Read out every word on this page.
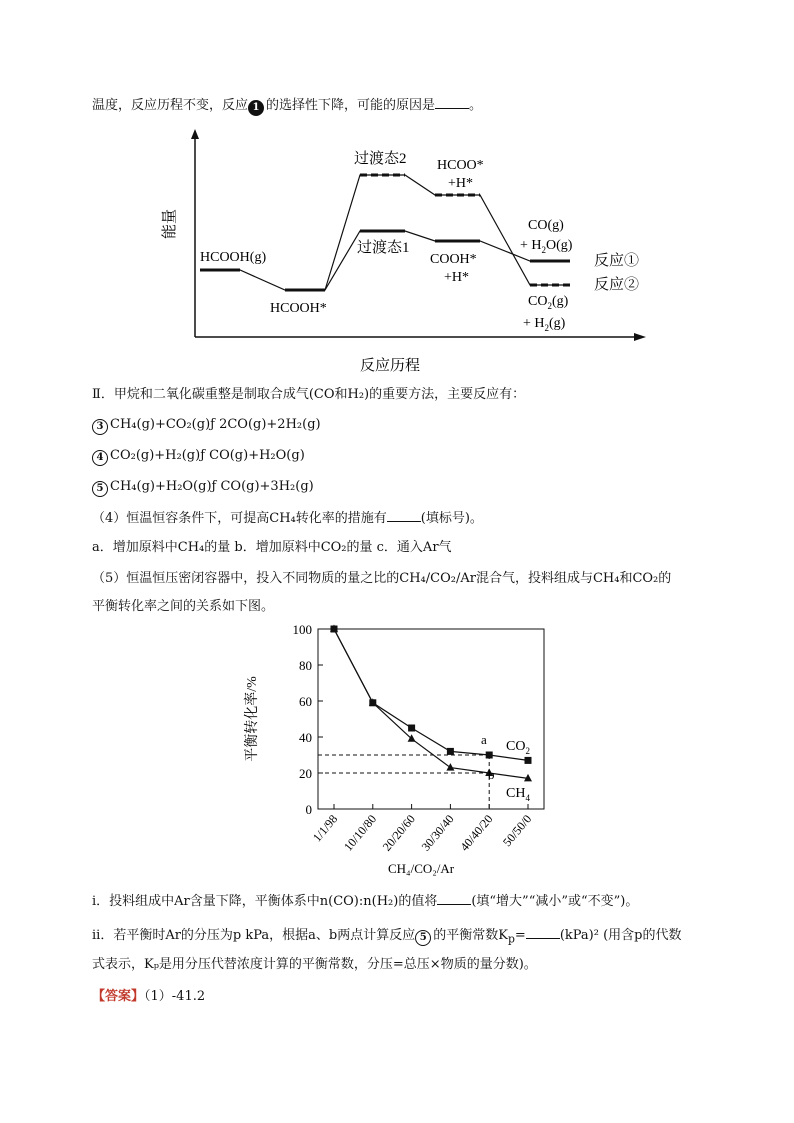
温度，反应历程不变，反应 1 的选择性下降，可能的原因是	。
能量
反应历程
HCOOH(g)
HCOOH*
过渡态2
过渡态1
HCOO*
+H*
COOH*
+H*
CO(g)
+ $H_2O(g)$
$CO_2(g)$
+ $H_2(g)$
反应①
反应②
Ⅱ．甲烷和二氧化碳重整是制取合成气(CO和H₂)的重要方法，主要反应有：
3 CH₄(g)+CO₂(g)ƒ 2CO(g)+2H₂(g)
4 CO₂(g)+H₂(g)ƒ CO(g)+H₂O(g)
5 CH₄(g)+H₂O(g)ƒ CO(g)+3H₂(g)
（4）恒温恒容条件下，可提高CH₄转化率的措施有	(填标号)。
a．增加原料中CH₄的量 b．增加原料中CO₂的量 c．通入Ar气
（5）恒温恒压密闭容器中，投入不同物质的量之比的CH₄/CO₂/Ar混合气，投料组成与CH₄和CO₂的
平衡转化率之间的关系如下图。
0
20
40
60
80
100
1/1/98 10/10/80 20/20/60 30/30/40 40/40/20 50/50/0
平衡转化率/%
CH₄/CO₂/Ar
a
b
$CO_2$
$CH_4$
i．投料组成中Ar含量下降，平衡体系中n(CO):n(H₂)的值将	(填“增大”“减小”或“不变”)。
ii．若平衡时Ar的分压为p kPa，根据a、b两点计算反应 5 的平衡常数$K_p=$	(kPa)² (用含p的代数
式表示，Kₚ是用分压代替浓度计算的平衡常数，分压=总压×物质的量分数)。
【答案】（1）-41.2
